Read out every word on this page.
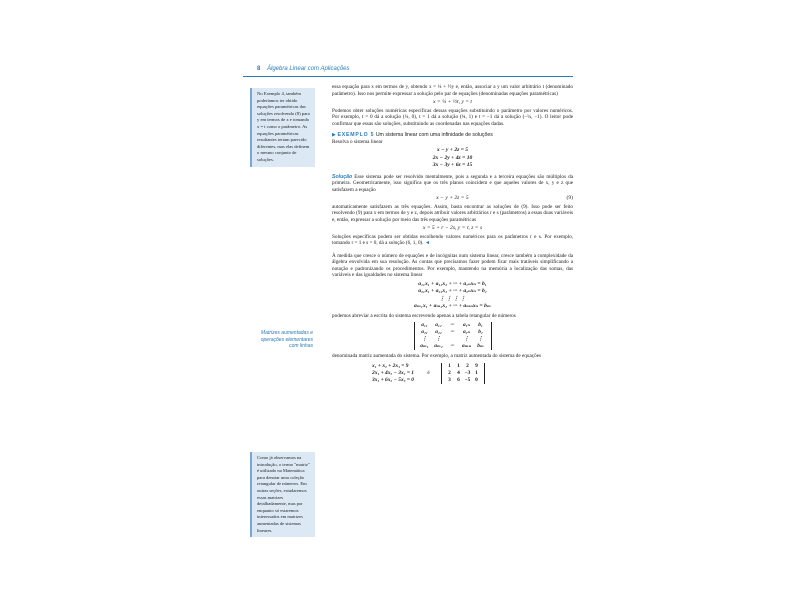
8 Álgebra Linear com Aplicações
No Exemplo 4, também poderíamos ter obtido equações paramétricas das soluções resolvendo (8) para y em termos de x e tomando x = t como o parâmetro. As equações paramétricas resultantes teriam parecido diferentes, mas elas definem o mesmo conjunto de soluções.
Matrizes aumentadas e operações elementares com linhas
Como já observamos na introdução, o termo "matriz" é utilizado na Matemática para denotar uma coleção retangular de números. Em outras seções, estudaremos essas matrizes detalhadamente, mas por enquanto só estaremos interessados em matrizes aumentadas de sistemas lineares.

essa equação para x em termos de y, obtendo x = ¼ + ½y e, então, associar a y um valor arbitrário t (denominado parâmetro). Isso nos permite expressar a solução pelo par de equações (denominadas equações paramétricas)

x = ¼ + ½t, y = t

Podemos obter soluções numéricas específicas dessas equações substituindo o parâmetro por valores numéricos. Por exemplo, t = 0 dá a solução (¼, 0), t = 1 dá a solução (¾, 1) e t = −1 dá a solução (−¼, −1). O leitor pode confirmar que essas são soluções, substituindo as coordenadas nas equações dadas.

▶ EXEMPLO 5 Um sistema linear com uma infinidade de soluções

Resolva o sistema linear

x − y + 2z = 5
2x − 2y + 4z = 10
3x − 3y + 6z = 15

Solução Esse sistema pode ser resolvido mentalmente, pois a segunda e a terceira equações são múltiplos da primeira. Geometricamente, isso significa que os três planos coincidem e que aqueles valores de x, y e z que satisfazem a equação

x − y + 2z = 5	(9)

automaticamente satisfazem as três equações. Assim, basta encontrar as soluções de (9). Isso pode ser feito resolvendo (9) para x em termos de y e z, depois atribuir valores arbitrários r e s (parâmetros) a essas duas variáveis e, então, expressar a solução por meio das três equações paramétricas

x = 5 + r − 2s, y = r, z = s

Soluções específicas podem ser obtidas escolhendo valores numéricos para os parâmetros r e s. Por exemplo, tomando r = 1 e s = 0, dá a solução (6, 1, 0). ◄

À medida que cresce o número de equações e de incógnitas num sistema linear, cresce também a complexidade da álgebra envolvida em sua resolução. As contas que precisamos fazer podem ficar mais tratáveis simplificando a notação e padronizando os procedimentos. Por exemplo, mantendo na memória a localização das somas, das variáveis e das igualdades no sistema linear

a₁₁x₁ + a₁₂x₂ + ··· + a₁ₙxₙ = b₁
a₂₁x₁ + a₂₂x₂ + ··· + a₂ₙxₙ = b₂
⋮ ⋮ ⋮ ⋮
aₘ₁x₁ + aₘ₂x₂ + ··· + aₘₙxₙ = bₘ

podemos abreviar a escrita do sistema escrevendo apenas a tabela retangular de números

a₁₁ a₁₂ ··· a₁ₙ b₁
a₂₁ a₂₂ ··· a₂ₙ b₂
⋮ ⋮	⋮ ⋮
aₘ₁ aₘ₂ ··· aₘₙ bₘ

denominada matriz aumentada do sistema. Por exemplo, a matriz aumentada do sistema de equações

x₁ + x₂ + 2x₃ = 9
2x₁ + 4x₂ − 3x₃ = 1
3x₁ + 6x₂ − 5x₃ = 0
é
1 1 2 9
2 4 −3 1
3 6 −5 0
